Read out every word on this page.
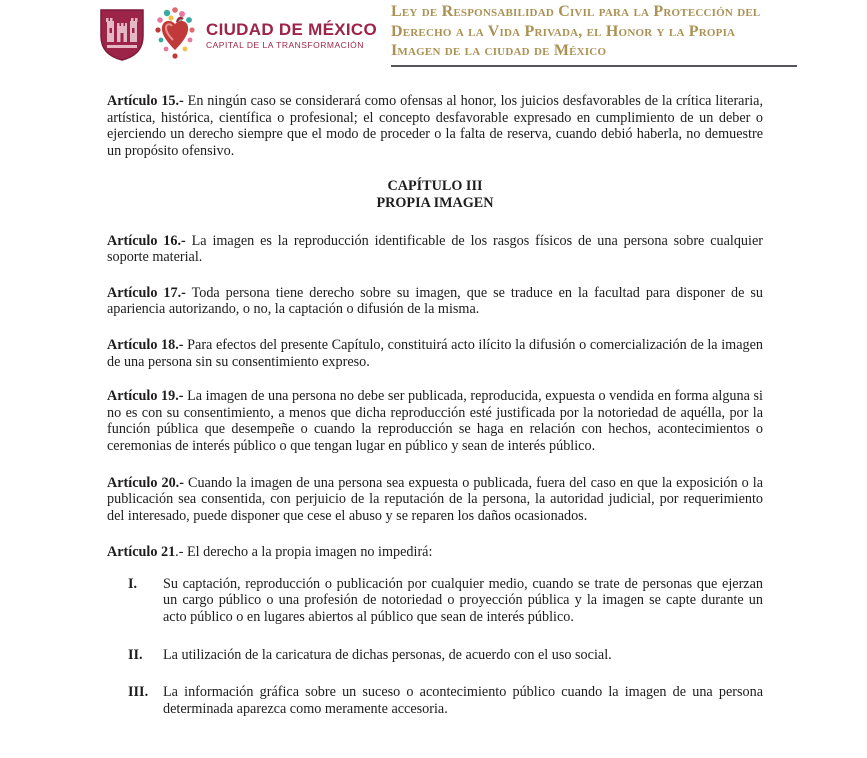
CIUDAD DE MÉXICO
CAPITAL DE LA TRANSFORMACIÓN
Ley de Responsabilidad Civil para la Protección del
Derecho a la Vida Privada, el Honor y la Propia
Imagen de la ciudad de México

Artículo 15.- En ningún caso se considerará como ofensas al honor, los juicios desfavorables de la crítica literaria, artística, histórica, científica o profesional; el concepto desfavorable expresado en cumplimiento de un deber o ejerciendo un derecho siempre que el modo de proceder o la falta de reserva, cuando debió haberla, no demuestre un propósito ofensivo.

CAPÍTULO III
PROPIA IMAGEN

Artículo 16.- La imagen es la reproducción identificable de los rasgos físicos de una persona sobre cualquier soporte material.

Artículo 17.- Toda persona tiene derecho sobre su imagen, que se traduce en la facultad para disponer de su apariencia autorizando, o no, la captación o difusión de la misma.

Artículo 18.- Para efectos del presente Capítulo, constituirá acto ilícito la difusión o comercialización de la imagen de una persona sin su consentimiento expreso.

Artículo 19.- La imagen de una persona no debe ser publicada, reproducida, expuesta o vendida en forma alguna si no es con su consentimiento, a menos que dicha reproducción esté justificada por la notoriedad de aquélla, por la función pública que desempeñe o cuando la reproducción se haga en relación con hechos, acontecimientos o ceremonias de interés público o que tengan lugar en público y sean de interés público.

Artículo 20.- Cuando la imagen de una persona sea expuesta o publicada, fuera del caso en que la exposición o la publicación sea consentida, con perjuicio de la reputación de la persona, la autoridad judicial, por requerimiento del interesado, puede disponer que cese el abuso y se reparen los daños ocasionados.

Artículo 21.- El derecho a la propia imagen no impedirá:

I.	Su captación, reproducción o publicación por cualquier medio, cuando se trate de personas que ejerzan un cargo público o una profesión de notoriedad o proyección pública y la imagen se capte durante un acto público o en lugares abiertos al público que sean de interés público.
II.	La utilización de la caricatura de dichas personas, de acuerdo con el uso social.
III.	La información gráfica sobre un suceso o acontecimiento público cuando la imagen de una persona determinada aparezca como meramente accesoria.
